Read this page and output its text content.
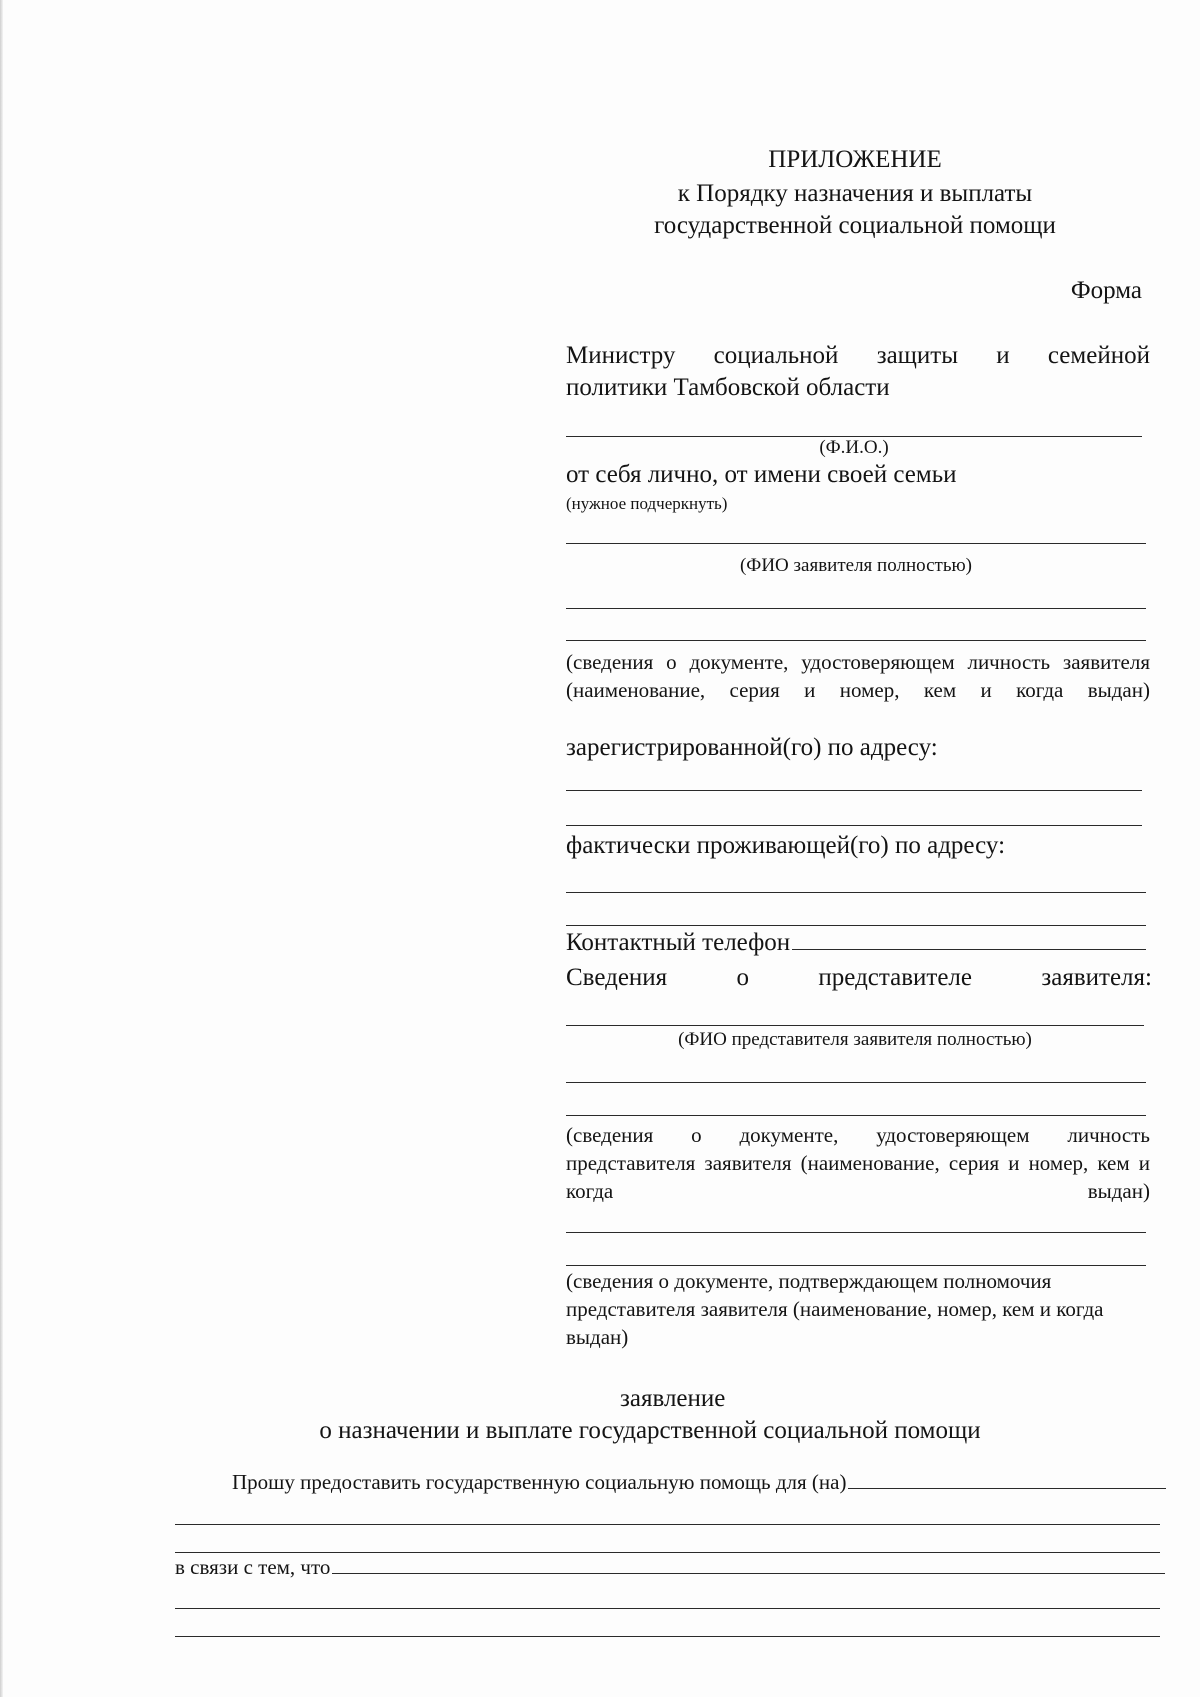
ПРИЛОЖЕНИЕ
к Порядку назначения и выплаты
государственной социальной помощи
Форма
Министру социальной защиты и семейной
политики Тамбовской области
(Ф.И.О.)
от себя лично, от имени своей семьи
(нужное подчеркнуть)
(ФИО заявителя полностью)
(сведения о документе, удостоверяющем личность заявителя (наименование, серия и номер, кем и когда выдан)
зарегистрированной(го) по адресу:
фактически проживающей(го) по адресу:
Контактный телефон
Сведения	о	представителе	заявителя:
(ФИО представителя заявителя полностью)
(сведения о документе, удостоверяющем личность представителя заявителя (наименование, серия и номер, кем и когда выдан)
(сведения о документе, подтверждающем полномочия представителя заявителя (наименование, номер, кем и когда выдан)
заявление
о назначении и выплате государственной социальной помощи
Прошу предоставить государственную социальную помощь для (на)
в связи с тем, что
